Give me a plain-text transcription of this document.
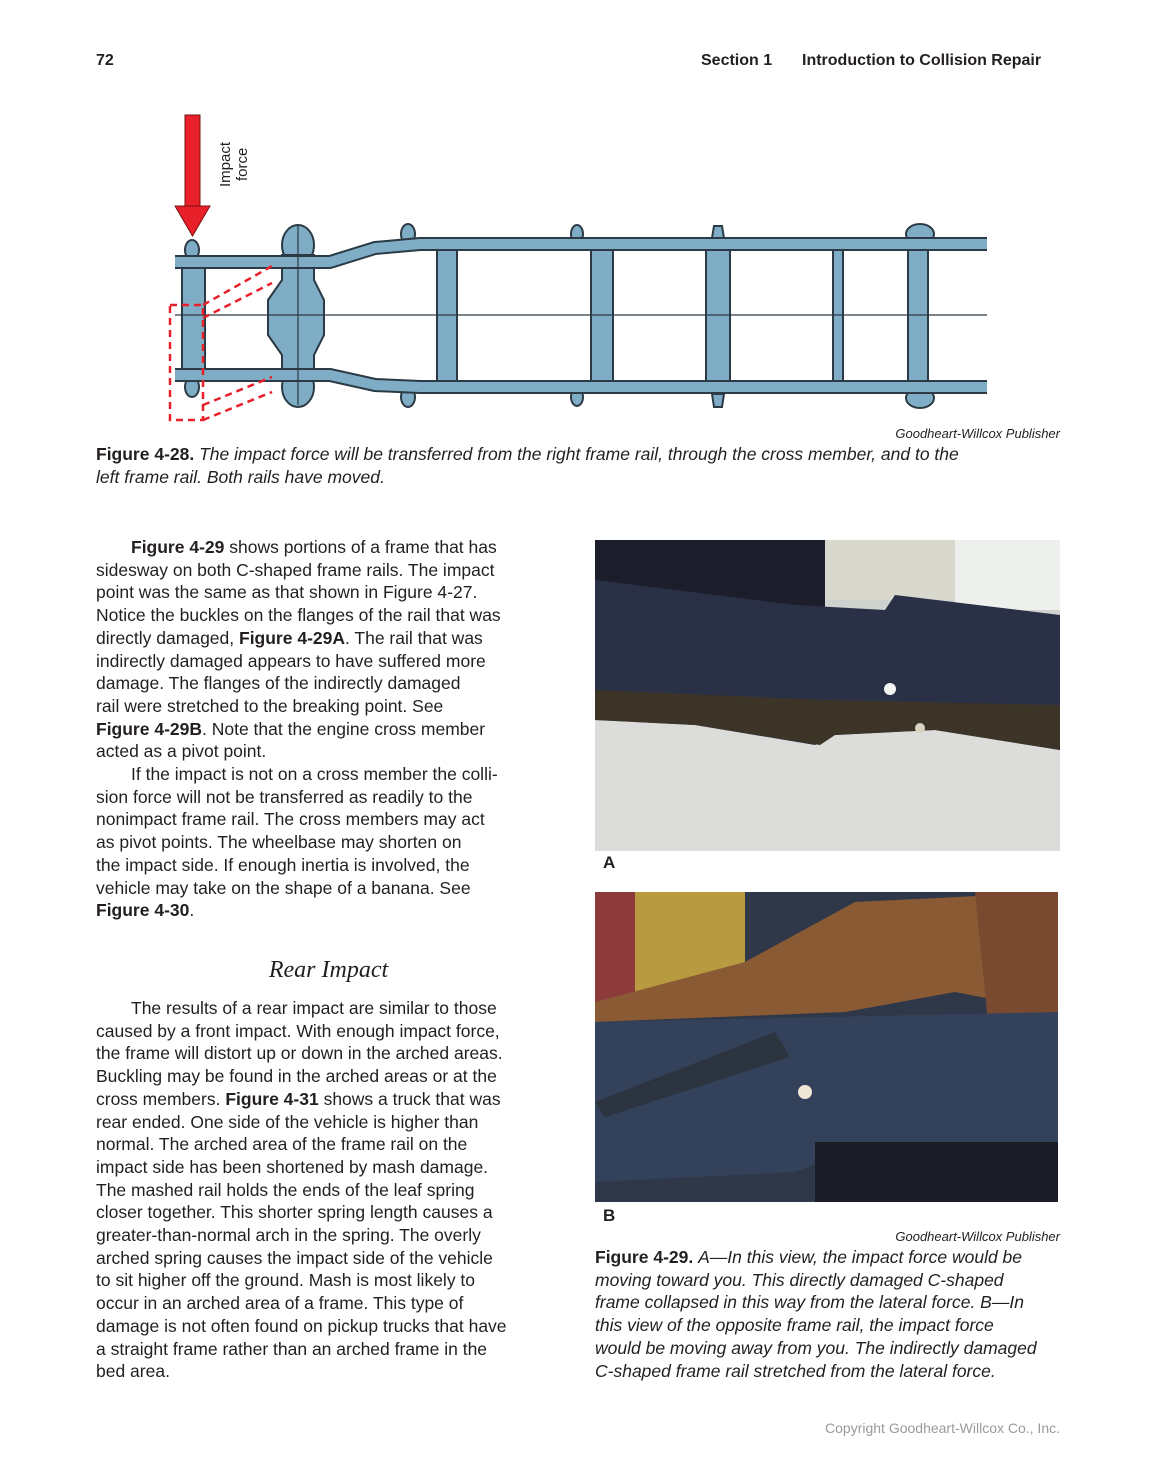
72	Section 1 Introduction to Collision Repair
Impact force
Goodheart-Willcox Publisher
Figure 4-28. The impact force will be transferred from the right frame rail, through the cross member, and to the
left frame rail. Both rails have moved.
Figure 4-29 shows portions of a frame that has
sidesway on both C-shaped frame rails. The impact
point was the same as that shown in Figure 4-27.
Notice the buckles on the flanges of the rail that was
directly damaged, Figure 4-29A. The rail that was
indirectly damaged appears to have suffered more
damage. The flanges of the indirectly damaged
rail were stretched to the breaking point. See
Figure 4-29B. Note that the engine cross member
acted as a pivot point.
If the impact is not on a cross member the colli-
sion force will not be transferred as readily to the
nonimpact frame rail. The cross members may act
as pivot points. The wheelbase may shorten on
the impact side. If enough inertia is involved, the
vehicle may take on the shape of a banana. See
Figure 4-30.
Rear Impact
The results of a rear impact are similar to those
caused by a front impact. With enough impact force,
the frame will distort up or down in the arched areas.
Buckling may be found in the arched areas or at the
cross members. Figure 4-31 shows a truck that was
rear ended. One side of the vehicle is higher than
normal. The arched area of the frame rail on the
impact side has been shortened by mash damage.
The mashed rail holds the ends of the leaf spring
closer together. This shorter spring length causes a
greater-than-normal arch in the spring. The overly
arched spring causes the impact side of the vehicle
to sit higher off the ground. Mash is most likely to
occur in an arched area of a frame. This type of
damage is not often found on pickup trucks that have
a straight frame rather than an arched frame in the
bed area.
A
B
Goodheart-Willcox Publisher
Figure 4-29. A—In this view, the impact force would be
moving toward you. This directly damaged C-shaped
frame collapsed in this way from the lateral force. B—In
this view of the opposite frame rail, the impact force
would be moving away from you. The indirectly damaged
C-shaped frame rail stretched from the lateral force.
Copyright Goodheart-Willcox Co., Inc.
